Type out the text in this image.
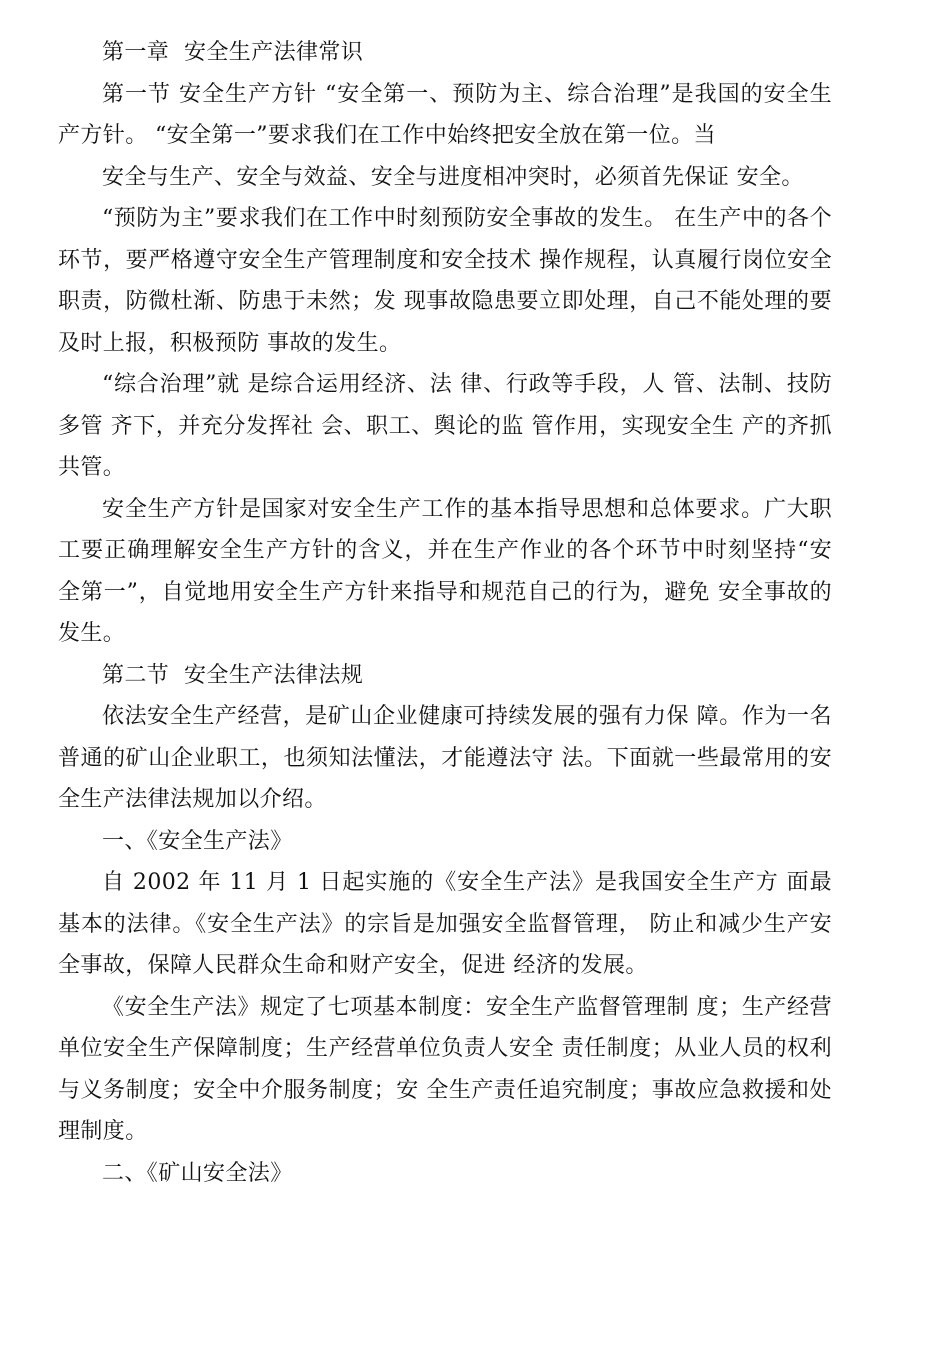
第一章  安全生产法律常识

第一节 安全生产方针 “安全第一、预防为主、综合治理”是我国的安全生产方针。 “安全第一”要求我们在工作中始终把安全放在第一位。当

安全与生产、安全与效益、安全与进度相冲突时，必须首先保证 安全。

“预防为主”要求我们在工作中时刻预防安全事故的发生。 在生产中的各个环节，要严格遵守安全生产管理制度和安全技术 操作规程，认真履行岗位安全职责，防微杜渐、防患于未然；发 现事故隐患要立即处理，自己不能处理的要及时上报，积极预防 事故的发生。

“综合治理”就 是综合运用经济、法 律、行政等手段，人 管、法制、技防多管 齐下，并充分发挥社 会、职工、舆论的监 管作用，实现安全生 产的齐抓共管。

安全生产方针是国家对安全生产工作的基本指导思想和总体要求。广大职工要正确理解安全生产方针的含义，并在生产作业的各个环节中时刻坚持“安 全第一”，自觉地用安全生产方针来指导和规范自己的行为，避免 安全事故的发生。

第二节  安全生产法律法规

依法安全生产经营，是矿山企业健康可持续发展的强有力保 障。作为一名普通的矿山企业职工，也须知法懂法，才能遵法守 法。下面就一些最常用的安全生产法律法规加以介绍。

一、《安全生产法》

自 2002 年 11 月 1 日起实施的《安全生产法》是我国安全生产方 面最基本的法律。《安全生产法》的宗旨是加强安全监督管理， 防止和减少生产安全事故，保障人民群众生命和财产安全，促进 经济的发展。

《安全生产法》规定了七项基本制度：安全生产监督管理制 度；生产经营单位安全生产保障制度；生产经营单位负责人安全 责任制度；从业人员的权利与义务制度；安全中介服务制度；安 全生产责任追究制度；事故应急救援和处理制度。

二、《矿山安全法》
